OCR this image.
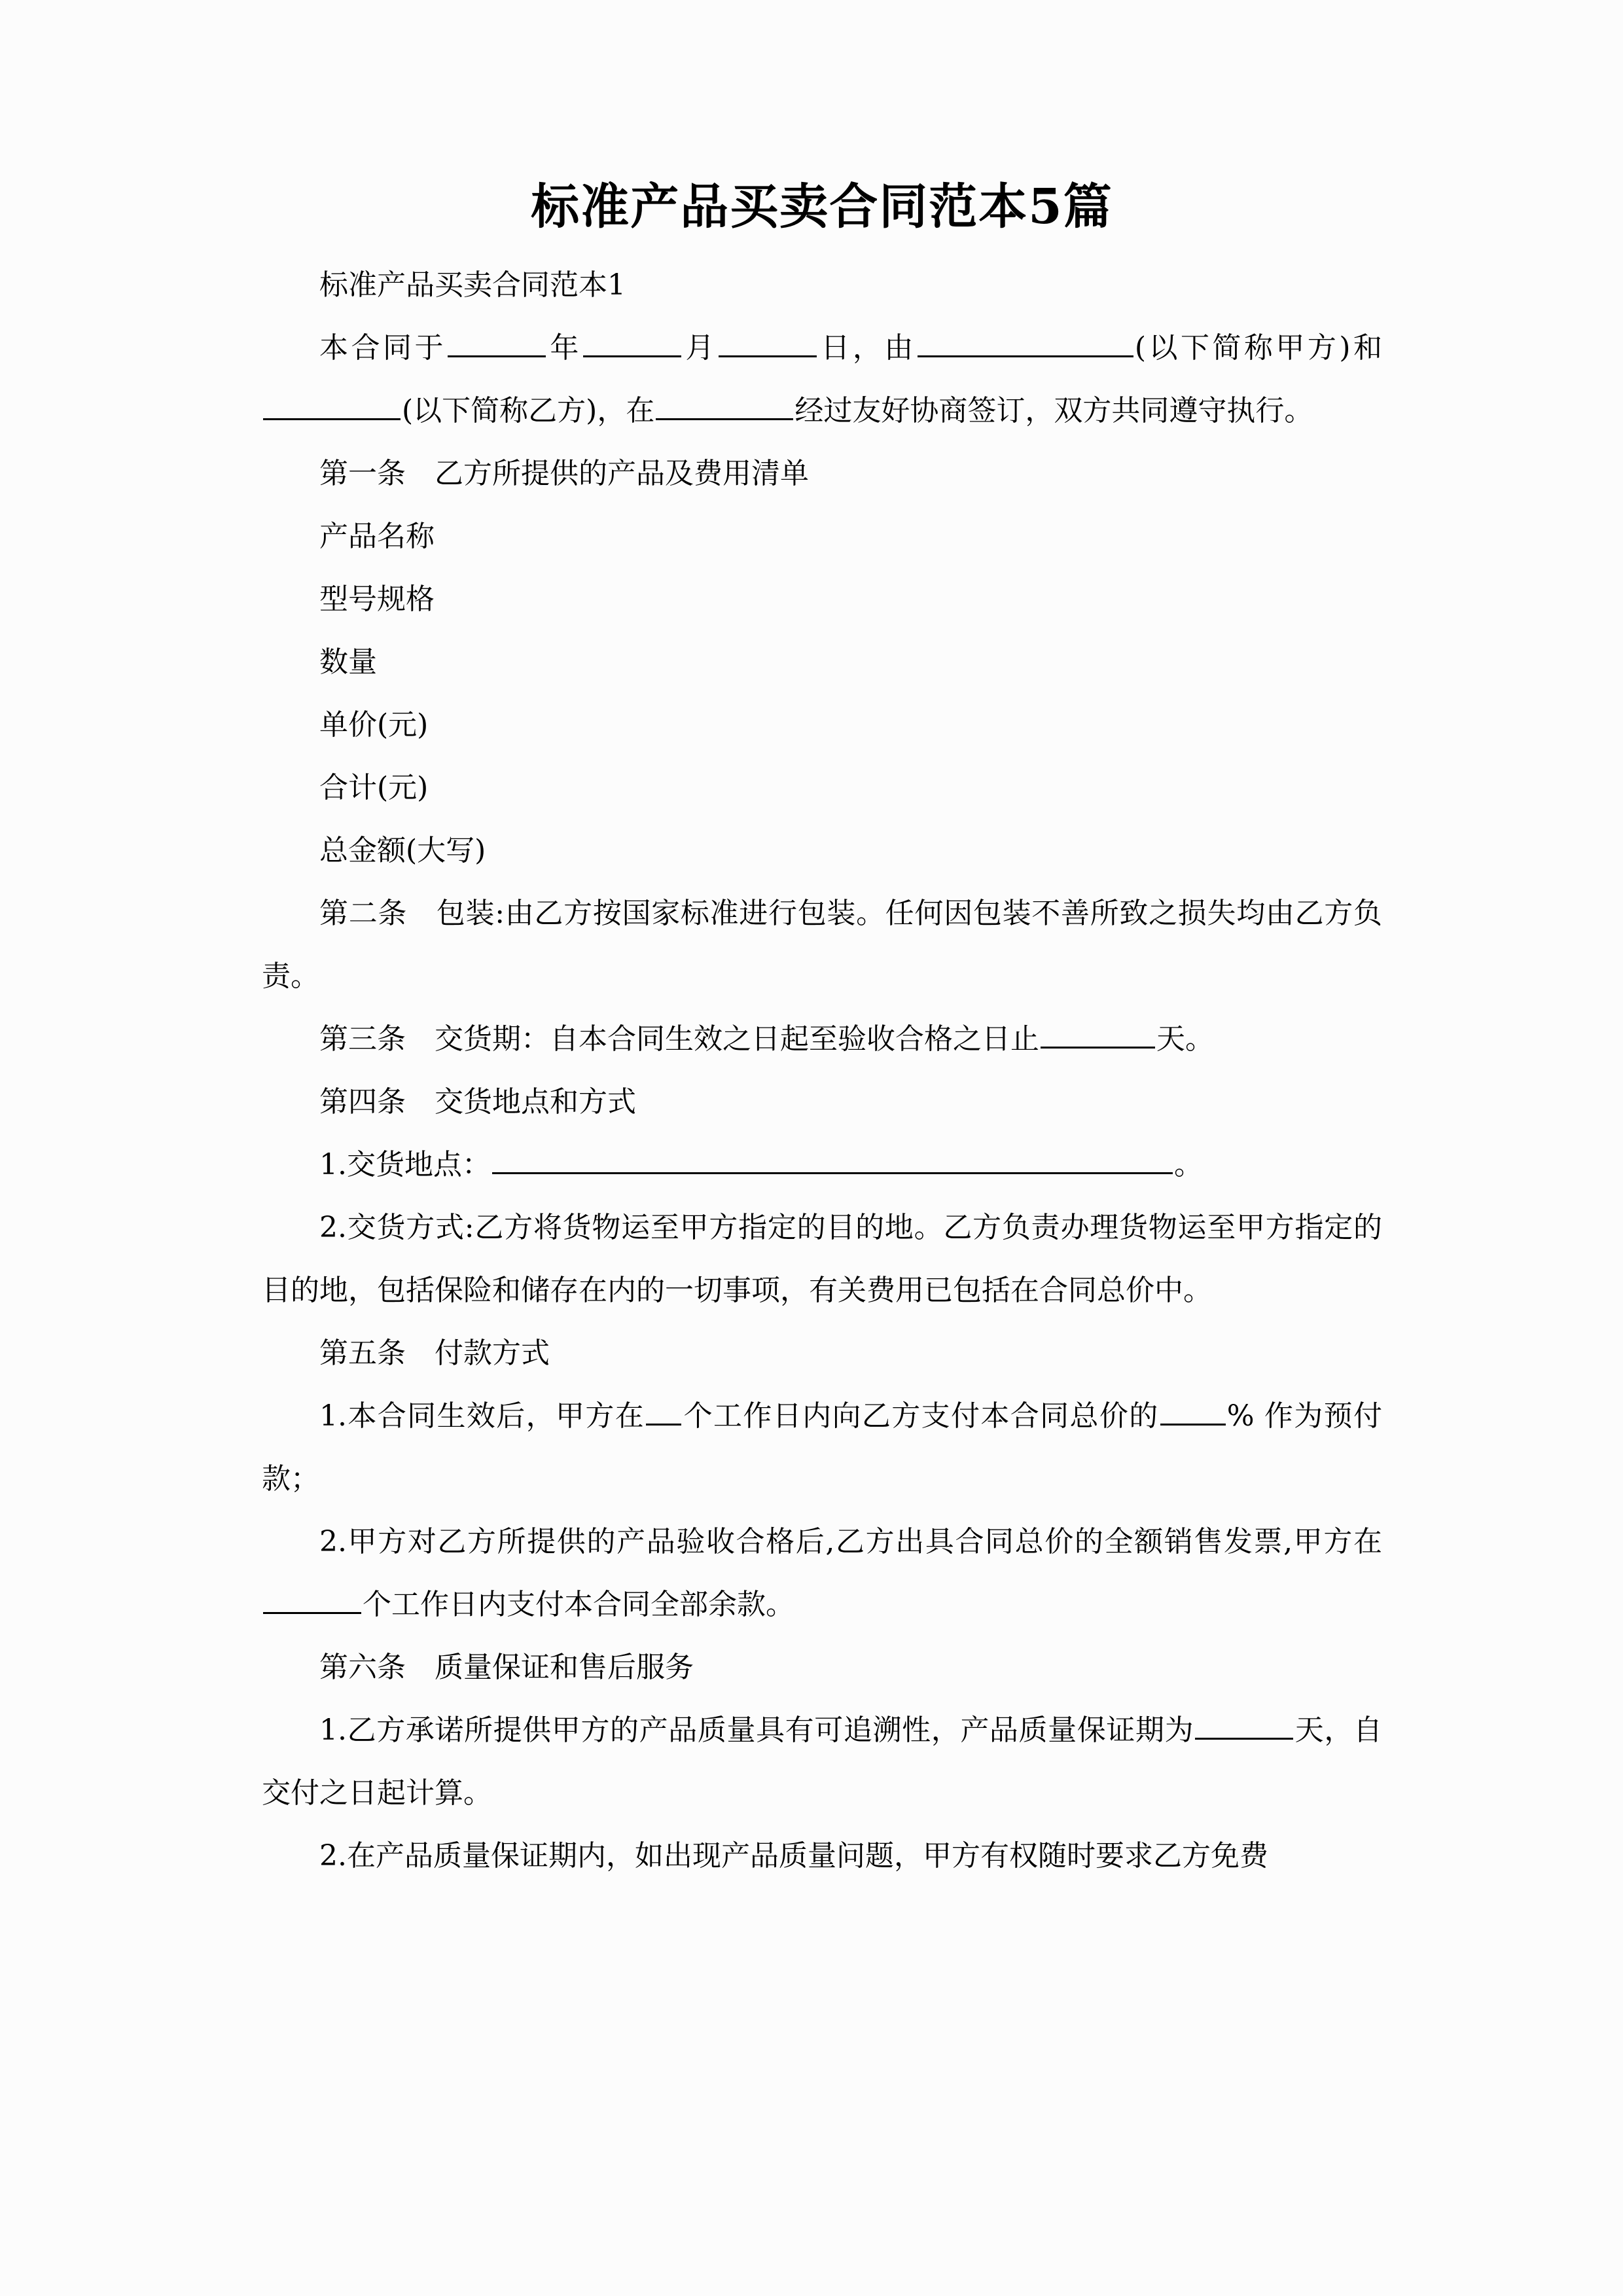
标准产品买卖合同范本5篇

标准产品买卖合同范本1

本合同于	年	月	日，由	(以下简称甲方)和(以下简称乙方)，在	经过友好协商签订，双方共同遵守执行。

第一条　乙方所提供的产品及费用清单

产品名称

型号规格

数量

单价(元)

合计(元)

总金额(大写)

第二条　包装:由乙方按国家标准进行包装。任何因包装不善所致之损失均由乙方负责。

第三条　交货期：自本合同生效之日起至验收合格之日止	天。

第四条　交货地点和方式

1.交货地点：	。

2.交货方式:乙方将货物运至甲方指定的目的地。乙方负责办理货物运至甲方指定的目的地，包括保险和储存在内的一切事项，有关费用已包括在合同总价中。

第五条　付款方式

1.本合同生效后，甲方在 个工作日内向乙方支付本合同总价的 % 作为预付款；

2.甲方对乙方所提供的产品验收合格后,乙方出具合同总价的全额销售发票,甲方在个工作日内支付本合同全部余款。

第六条　质量保证和售后服务

1.乙方承诺所提供甲方的产品质量具有可追溯性，产品质量保证期为	天，自交付之日起计算。

2.在产品质量保证期内，如出现产品质量问题，甲方有权随时要求乙方免费
